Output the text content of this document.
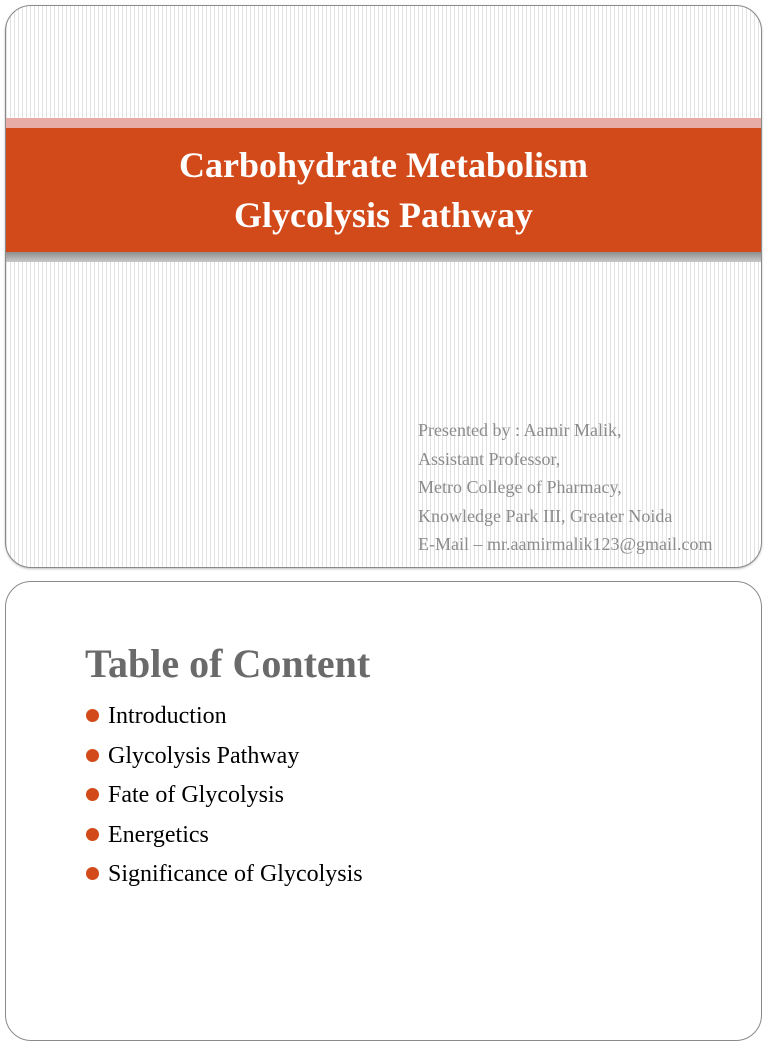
Carbohydrate Metabolism
Glycolysis Pathway
Presented by : Aamir Malik,
Assistant Professor,
Metro College of Pharmacy,
Knowledge Park III, Greater Noida
E-Mail – mr.aamirmalik123@gmail.com
Table of Content
Introduction
Glycolysis Pathway
Fate of Glycolysis
Energetics
Significance of Glycolysis
